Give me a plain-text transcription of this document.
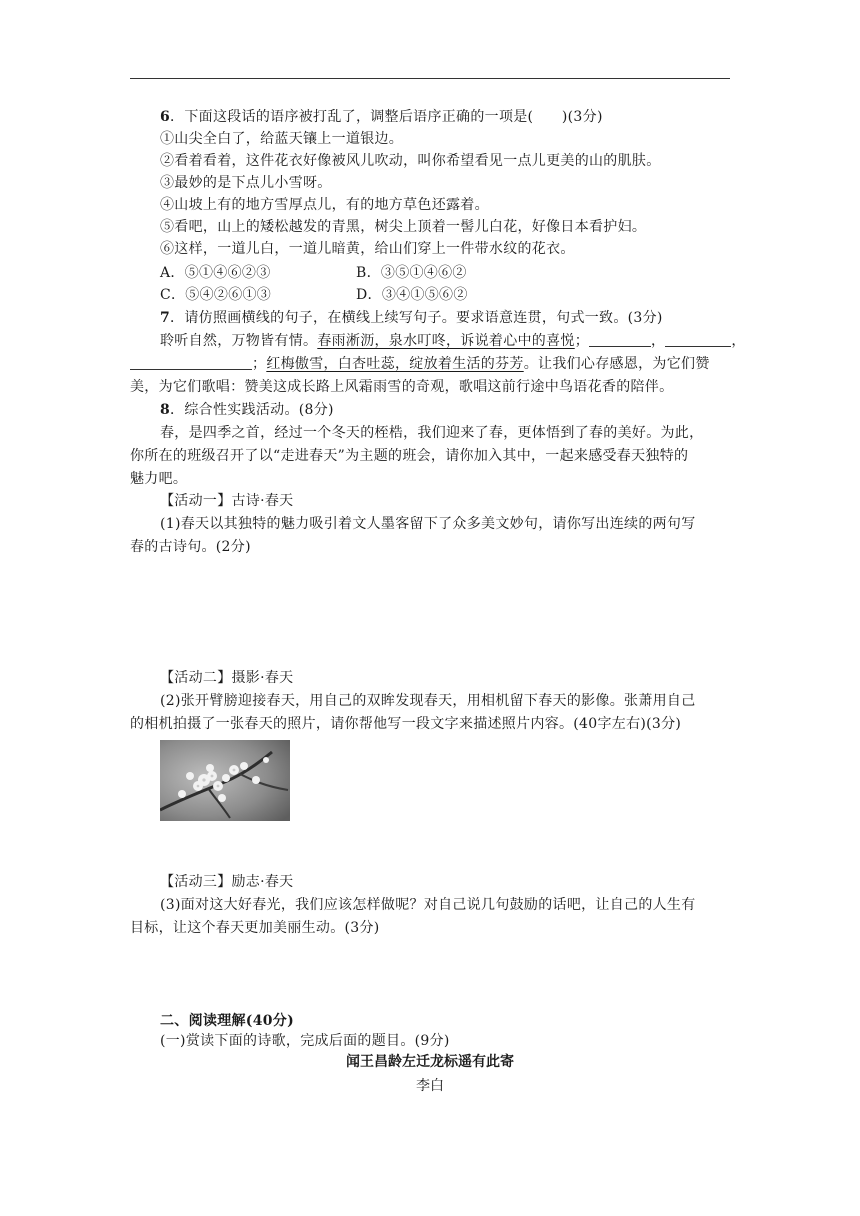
6．下面这段话的语序被打乱了，调整后语序正确的一项是(　　)(3分)
①山尖全白了，给蓝天镶上一道银边。
②看着看着，这件花衣好像被风儿吹动，叫你希望看见一点儿更美的山的肌肤。
③最妙的是下点儿小雪呀。
④山坡上有的地方雪厚点儿，有的地方草色还露着。
⑤看吧，山上的矮松越发的青黑，树尖上顶着一髻儿白花，好像日本看护妇。
⑥这样，一道儿白，一道儿暗黄，给山们穿上一件带水纹的花衣。
A．⑤①④⑥②③	B．③⑤①④⑥②
C．⑤④②⑥①③	D．③④①⑤⑥②
7．请仿照画横线的句子，在横线上续写句子。要求语意连贯，句式一致。(3分)
聆听自然，万物皆有情。春雨淅沥，泉水叮咚，诉说着心中的喜悦；	，	，
；红梅傲雪，白杏吐蕊，绽放着生活的芬芳。让我们心存感恩，为它们赞
美，为它们歌唱：赞美这成长路上风霜雨雪的奇观，歌唱这前行途中鸟语花香的陪伴。
8．综合性实践活动。(8分)
春，是四季之首，经过一个冬天的桎梏，我们迎来了春，更体悟到了春的美好。为此，
你所在的班级召开了以“走进春天”为主题的班会，请你加入其中，一起来感受春天独特的
魅力吧。
【活动一】古诗·春天
(1)春天以其独特的魅力吸引着文人墨客留下了众多美文妙句，请你写出连续的两句写
春的古诗句。(2分)
【活动二】摄影·春天
(2)张开臂膀迎接春天，用自己的双眸发现春天，用相机留下春天的影像。张萧用自己
的相机拍摄了一张春天的照片，请你帮他写一段文字来描述照片内容。(40字左右)(3分)
【活动三】励志·春天
(3)面对这大好春光，我们应该怎样做呢？对自己说几句鼓励的话吧，让自己的人生有
目标，让这个春天更加美丽生动。(3分)
二、阅读理解(40分)
(一)赏读下面的诗歌，完成后面的题目。(9分)
闻王昌龄左迁龙标遥有此寄
李白
